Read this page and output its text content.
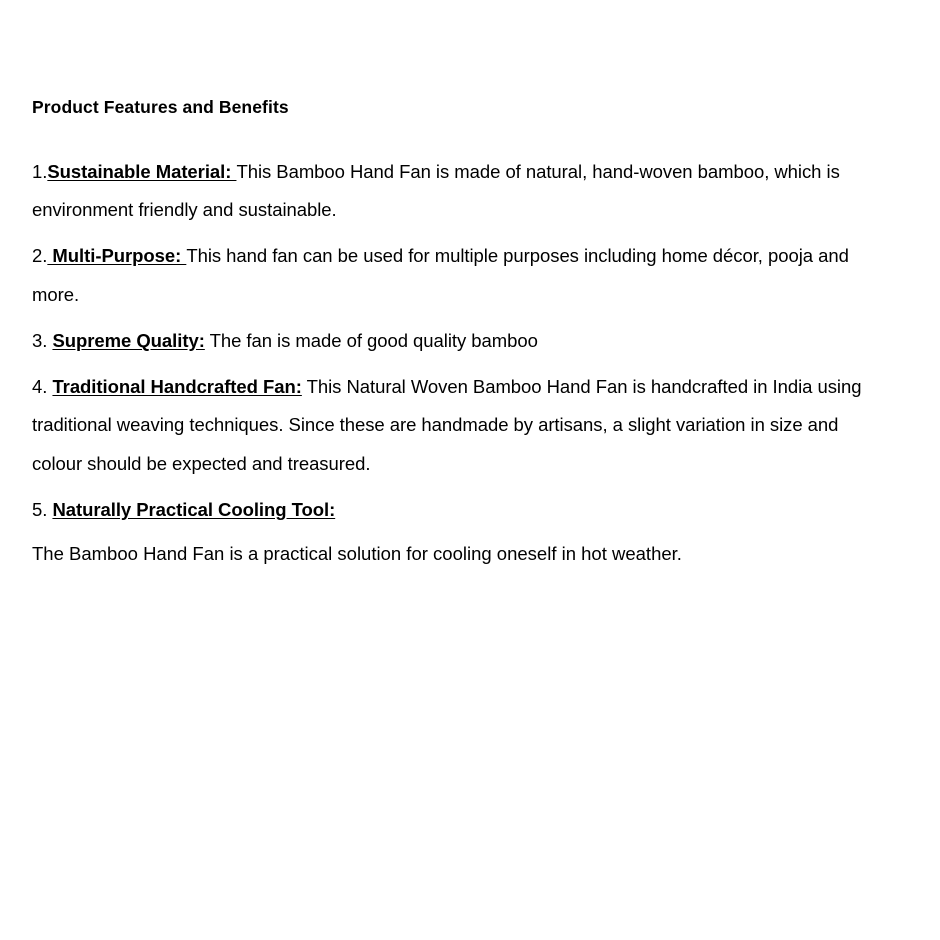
Product Features and Benefits

1.Sustainable Material: This Bamboo Hand Fan is made of natural, hand-woven bamboo, which is environment friendly and sustainable.

2. Multi-Purpose: This hand fan can be used for multiple purposes including home décor, pooja and more.

3. Supreme Quality: The fan is made of good quality bamboo

4. Traditional Handcrafted Fan: This Natural Woven Bamboo Hand Fan is handcrafted in India using traditional weaving techniques. Since these are handmade by artisans, a slight variation in size and colour should be expected and treasured.

5. Naturally Practical Cooling Tool:

The Bamboo Hand Fan is a practical solution for cooling oneself in hot weather.
